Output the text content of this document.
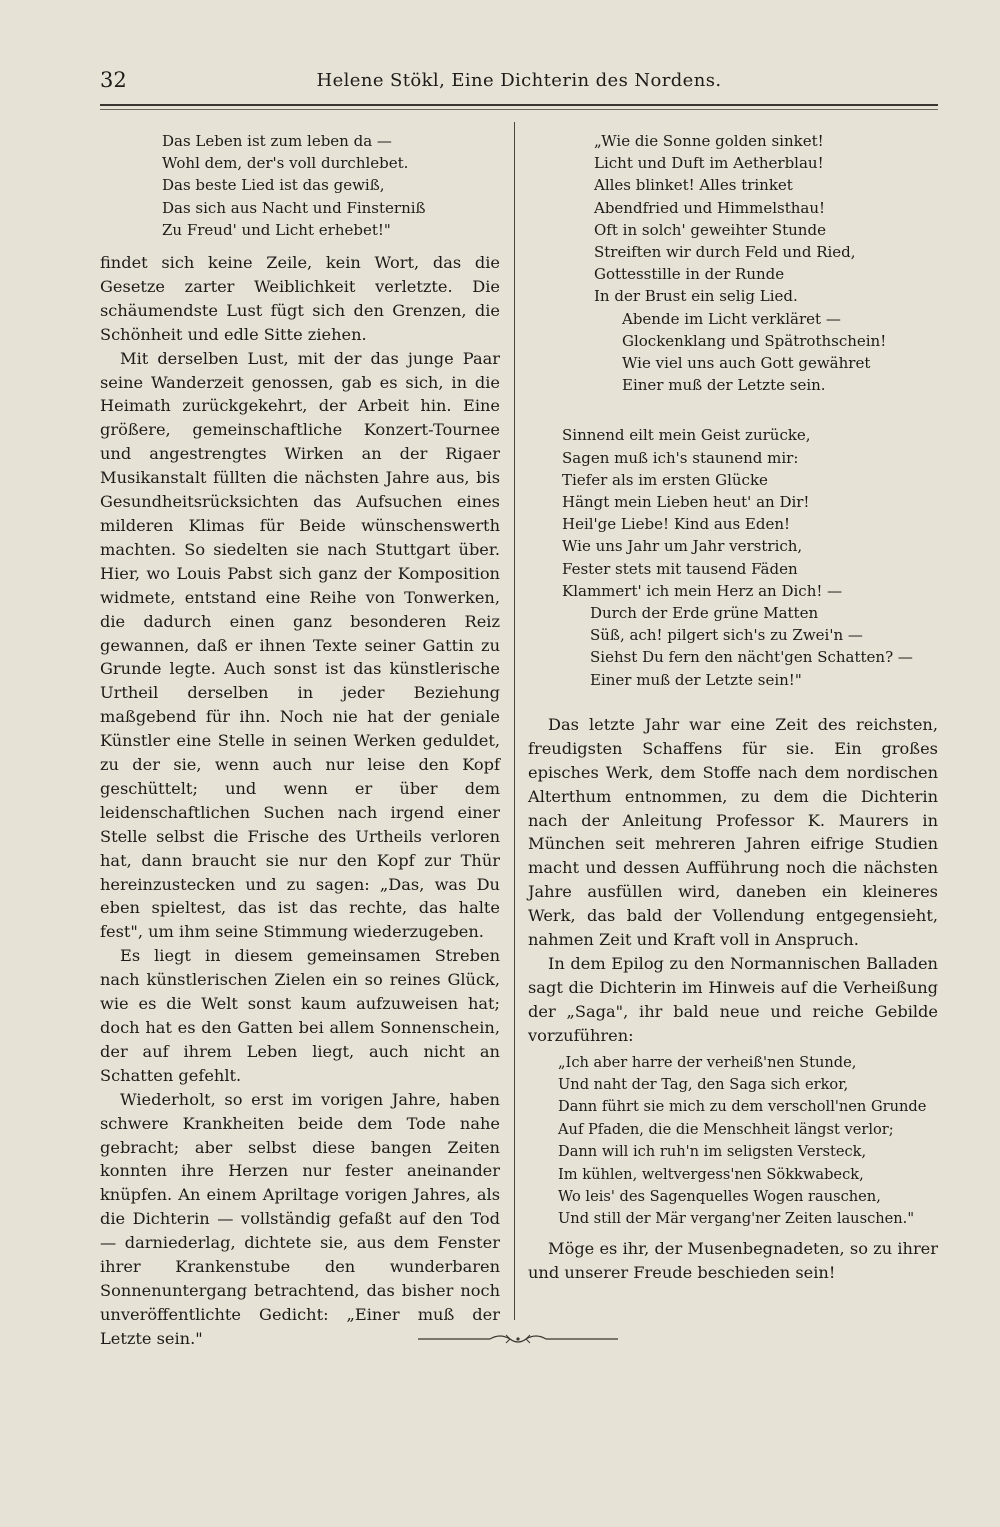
32	Helene Stökl, Eine Dichterin des Nordens.
Das Leben ist zum leben da —
Wohl dem, der's voll durchlebet.
Das beste Lied ist das gewiß,
Das sich aus Nacht und Finsterniß
Zu Freud' und Licht erhebet!"

findet sich keine Zeile, kein Wort, das die Gesetze zarter Weiblichkeit verletzte. Die schäumendste Lust fügt sich den Grenzen, die Schönheit und edle Sitte ziehen.

Mit derselben Lust, mit der das junge Paar seine Wanderzeit genossen, gab es sich, in die Heimath zurückgekehrt, der Arbeit hin. Eine größere, gemeinschaftliche Konzert-Tournee und angestrengtes Wirken an der Rigaer Musikanstalt füllten die nächsten Jahre aus, bis Gesundheitsrücksichten das Aufsuchen eines milderen Klimas für Beide wünschenswerth machten. So siedelten sie nach Stuttgart über. Hier, wo Louis Pabst sich ganz der Komposition widmete, entstand eine Reihe von Tonwerken, die dadurch einen ganz besonderen Reiz gewannen, daß er ihnen Texte seiner Gattin zu Grunde legte. Auch sonst ist das künstlerische Urtheil derselben in jeder Beziehung maßgebend für ihn. Noch nie hat der geniale Künstler eine Stelle in seinen Werken geduldet, zu der sie, wenn auch nur leise den Kopf geschüttelt; und wenn er über dem leidenschaftlichen Suchen nach irgend einer Stelle selbst die Frische des Urtheils verloren hat, dann braucht sie nur den Kopf zur Thür hereinzustecken und zu sagen: „Das, was Du eben spieltest, das ist das rechte, das halte fest", um ihm seine Stimmung wiederzugeben.

Es liegt in diesem gemeinsamen Streben nach künstlerischen Zielen ein so reines Glück, wie es die Welt sonst kaum aufzuweisen hat; doch hat es den Gatten bei allem Sonnenschein, der auf ihrem Leben liegt, auch nicht an Schatten gefehlt.

Wiederholt, so erst im vorigen Jahre, haben schwere Krankheiten beide dem Tode nahe gebracht; aber selbst diese bangen Zeiten konnten ihre Herzen nur fester aneinander knüpfen. An einem Apriltage vorigen Jahres, als die Dichterin — vollständig gefaßt auf den Tod — darniederlag, dichtete sie, aus dem Fenster ihrer Krankenstube den wunderbaren Sonnenuntergang betrachtend, das bisher noch unveröffentlichte Gedicht: „Einer muß der Letzte sein."

„Wie die Sonne golden sinket!
Licht und Duft im Aetherblau!
Alles blinket! Alles trinket
Abendfried und Himmelsthau!
Oft in solch' geweihter Stunde
Streiften wir durch Feld und Ried,
Gottesstille in der Runde
In der Brust ein selig Lied.
Abende im Licht verkläret —
Glockenklang und Spätrothschein!
Wie viel uns auch Gott gewähret
Einer muß der Letzte sein.
Sinnend eilt mein Geist zurücke,
Sagen muß ich's staunend mir:
Tiefer als im ersten Glücke
Hängt mein Lieben heut' an Dir!
Heil'ge Liebe! Kind aus Eden!
Wie uns Jahr um Jahr verstrich,
Fester stets mit tausend Fäden
Klammert' ich mein Herz an Dich! —
Durch der Erde grüne Matten
Süß, ach! pilgert sich's zu Zwei'n —
Siehst Du fern den nächt'gen Schatten? —
Einer muß der Letzte sein!"

Das letzte Jahr war eine Zeit des reichsten, freudigsten Schaffens für sie. Ein großes episches Werk, dem Stoffe nach dem nordischen Alterthum entnommen, zu dem die Dichterin nach der Anleitung Professor K. Maurers in München seit mehreren Jahren eifrige Studien macht und dessen Aufführung noch die nächsten Jahre ausfüllen wird, daneben ein kleineres Werk, das bald der Vollendung entgegensieht, nahmen Zeit und Kraft voll in Anspruch.

In dem Epilog zu den Normannischen Balladen sagt die Dichterin im Hinweis auf die Verheißung der „Saga", ihr bald neue und reiche Gebilde vorzuführen:

„Ich aber harre der verheiß'nen Stunde,
Und naht der Tag, den Saga sich erkor,
Dann führt sie mich zu dem verscholl'nen Grunde
Auf Pfaden, die die Menschheit längst verlor;
Dann will ich ruh'n im seligsten Versteck,
Im kühlen, weltvergess'nen Sökkwabeck,
Wo leis' des Sagenquelles Wogen rauschen,
Und still der Mär vergang'ner Zeiten lauschen."

Möge es ihr, der Musenbegnadeten, so zu ihrer und unserer Freude beschieden sein!
